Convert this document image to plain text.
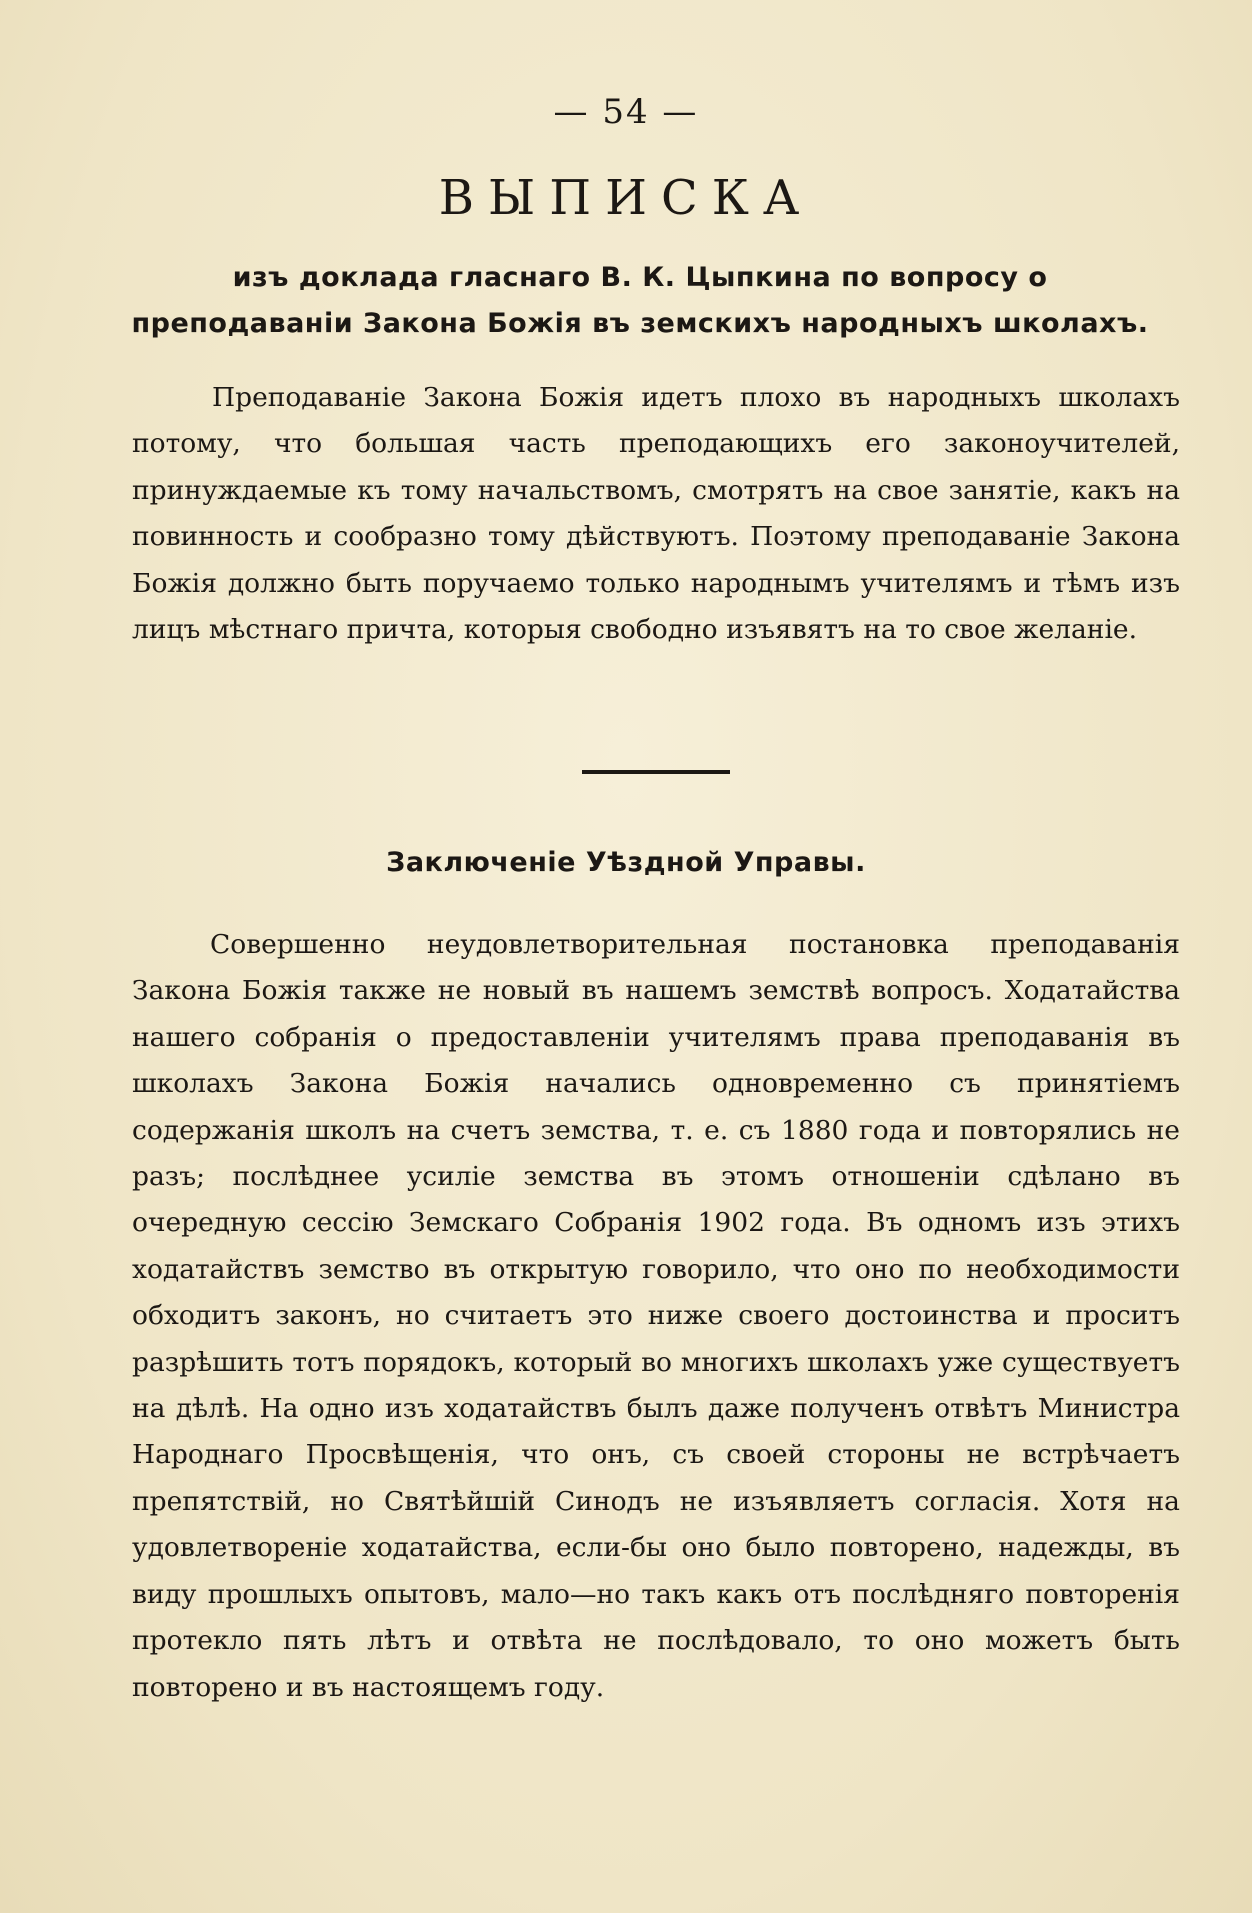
— 54 —
ВЫПИСКА

изъ доклада гласнаго В. К. Цыпкина по вопросу о преподаванiи Закона Божiя въ земскихъ народныхъ школахъ.

Преподаванiе Закона Божiя идетъ плохо въ народныхъ школахъ потому, что большая часть преподающихъ его законоучителей, принуждаемые къ тому начальствомъ, смотрятъ на свое занятiе, какъ на повинность и сообразно тому дѣйствуютъ. Поэтому преподаванiе Закона Божiя должно быть поручаемо только народнымъ учителямъ и тѣмъ изъ лицъ мѣстнаго причта, которыя свободно изъявятъ на то свое желанiе.

Заключенiе Уѣздной Управы.

Совершенно неудовлетворительная постановка преподаванiя Закона Божiя также не новый въ нашемъ земствѣ вопросъ. Ходатайства нашего собранiя о предоставленiи учителямъ права преподаванiя въ школахъ Закона Божiя начались одновременно съ принятiемъ содержанiя школъ на счетъ земства, т. е. съ 1880 года и повторялись не разъ; послѣднее усилiе земства въ этомъ отношенiи сдѣлано въ очередную сессiю Земскаго Собранiя 1902 года. Въ одномъ изъ этихъ ходатайствъ земство въ открытую говорило, что оно по необходимости обходитъ законъ, но считаетъ это ниже своего достоинства и проситъ разрѣшить тотъ порядокъ, который во многихъ школахъ уже существуетъ на дѣлѣ. На одно изъ ходатайствъ былъ даже полученъ отвѣтъ Министра Народнаго Просвѣщенiя, что онъ, съ своей стороны не встрѣчаетъ препятствiй, но Святѣйшiй Синодъ не изъявляетъ согласiя. Хотя на удовлетворенiе ходатайства, если-бы оно было повторено, надежды, въ виду прошлыхъ опытовъ, мало—но такъ какъ отъ послѣдняго повторенiя протекло пять лѣтъ и отвѣта не послѣдовало, то оно можетъ быть повторено и въ настоящемъ году.
